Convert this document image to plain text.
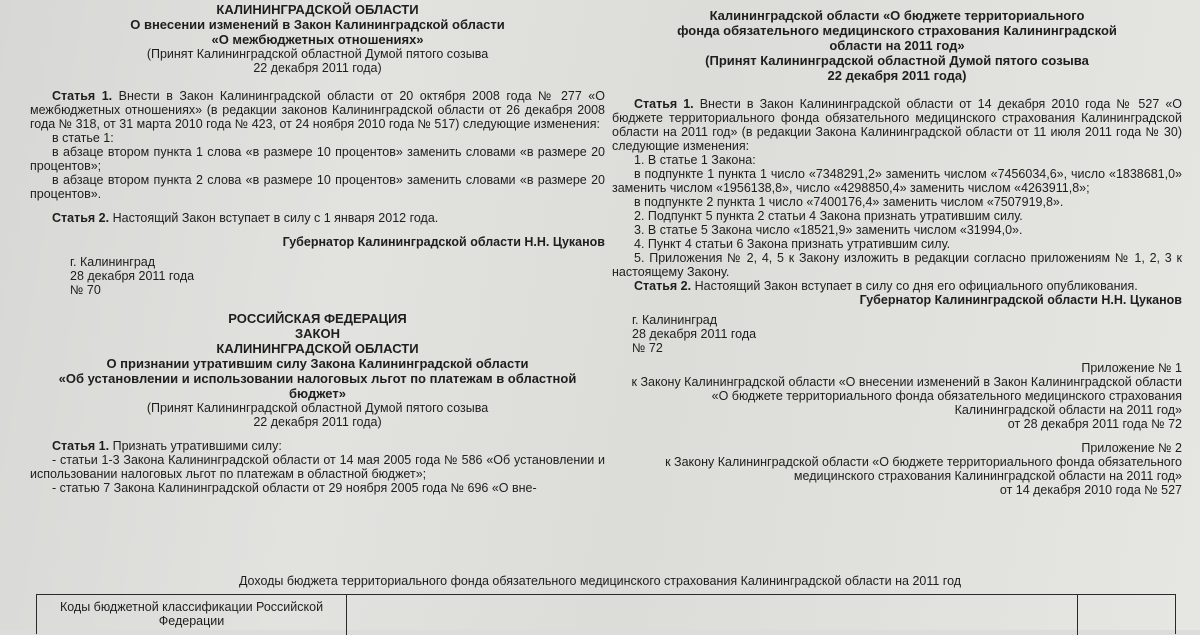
КАЛИНИНГРАДСКОЙ ОБЛАСТИ

О внесении изменений в Закон Калининградской области

«О межбюджетных отношениях»

(Принят Калининградской областной Думой пятого созыва

22 декабря 2011 года)

Статья 1. Внести в Закон Калининградской области от 20 октября 2008 года № 277 «О межбюджетных отношениях» (в редакции законов Калининградской области от 26 декабря 2008 года № 318, от 31 марта 2010 года № 423, от 24 ноября 2010 года № 517) следующие изменения:

в статье 1:

в абзаце втором пункта 1 слова «в размере 10 процентов» заменить словами «в размере 20 процентов»;

в абзаце втором пункта 2 слова «в размере 10 процентов» заменить словами «в размере 20 процентов».

Статья 2. Настоящий Закон вступает в силу с 1 января 2012 года.

Губернатор Калининградской области Н.Н. Цуканов

г. Калининград

28 декабря 2011 года

№ 70

РОССИЙСКАЯ ФЕДЕРАЦИЯ

ЗАКОН

КАЛИНИНГРАДСКОЙ ОБЛАСТИ

О признании утратившим силу Закона Калининградской области

«Об установлении и использовании налоговых льгот по платежам в областной бюджет»

(Принят Калининградской областной Думой пятого созыва

22 декабря 2011 года)

Статья 1. Признать утратившими силу:

- статьи 1-3 Закона Калининградской области от 14 мая 2005 года № 586 «Об установлении и использовании налоговых льгот по платежам в областной бюджет»;

- статью 7 Закона Калининградской области от 29 ноября 2005 года № 696 «О вне-

Калининградской области «О бюджете территориального

фонда обязательного медицинского страхования Калининградской

области на 2011 год»

(Принят Калининградской областной Думой пятого созыва

22 декабря 2011 года)

Статья 1. Внести в Закон Калининградской области от 14 декабря 2010 года № 527 «О бюджете территориального фонда обязательного медицинского страхования Калининградской области на 2011 год» (в редакции Закона Калининградской области от 11 июля 2011 года № 30) следующие изменения:

1. В статье 1 Закона:

в подпункте 1 пункта 1 число «7348291,2» заменить числом «7456034,6», число «1838681,0» заменить числом «1956138,8», число «4298850,4» заменить числом «4263911,8»;

в подпункте 2 пункта 1 число «7400176,4» заменить числом «7507919,8».

2. Подпункт 5 пункта 2 статьи 4 Закона признать утратившим силу.

3. В статье 5 Закона число «18521,9» заменить числом «31994,0».

4. Пункт 4 статьи 6 Закона признать утратившим силу.

5. Приложения № 2, 4, 5 к Закону изложить в редакции согласно приложениям № 1, 2, 3 к настоящему Закону.

Статья 2. Настоящий Закон вступает в силу со дня его официального опубликования.

Губернатор Калининградской области Н.Н. Цуканов

г. Калининград

28 декабря 2011 года

№ 72

Приложение № 1

к Закону Калининградской области «О внесении изменений в Закон Калининградской области «О бюджете территориального фонда обязательного медицинского страхования Калининградской области на 2011 год»

от 28 декабря 2011 года № 72

Приложение № 2

к Закону Калининградской области «О бюджете территориального фонда обязательного медицинского страхования Калининградской области на 2011 год»

от 14 декабря 2010 года № 527

Доходы бюджета территориального фонда обязательного медицинского страхования Калининградской области на 2011 год

Коды бюджетной классификации Российской Федерации
